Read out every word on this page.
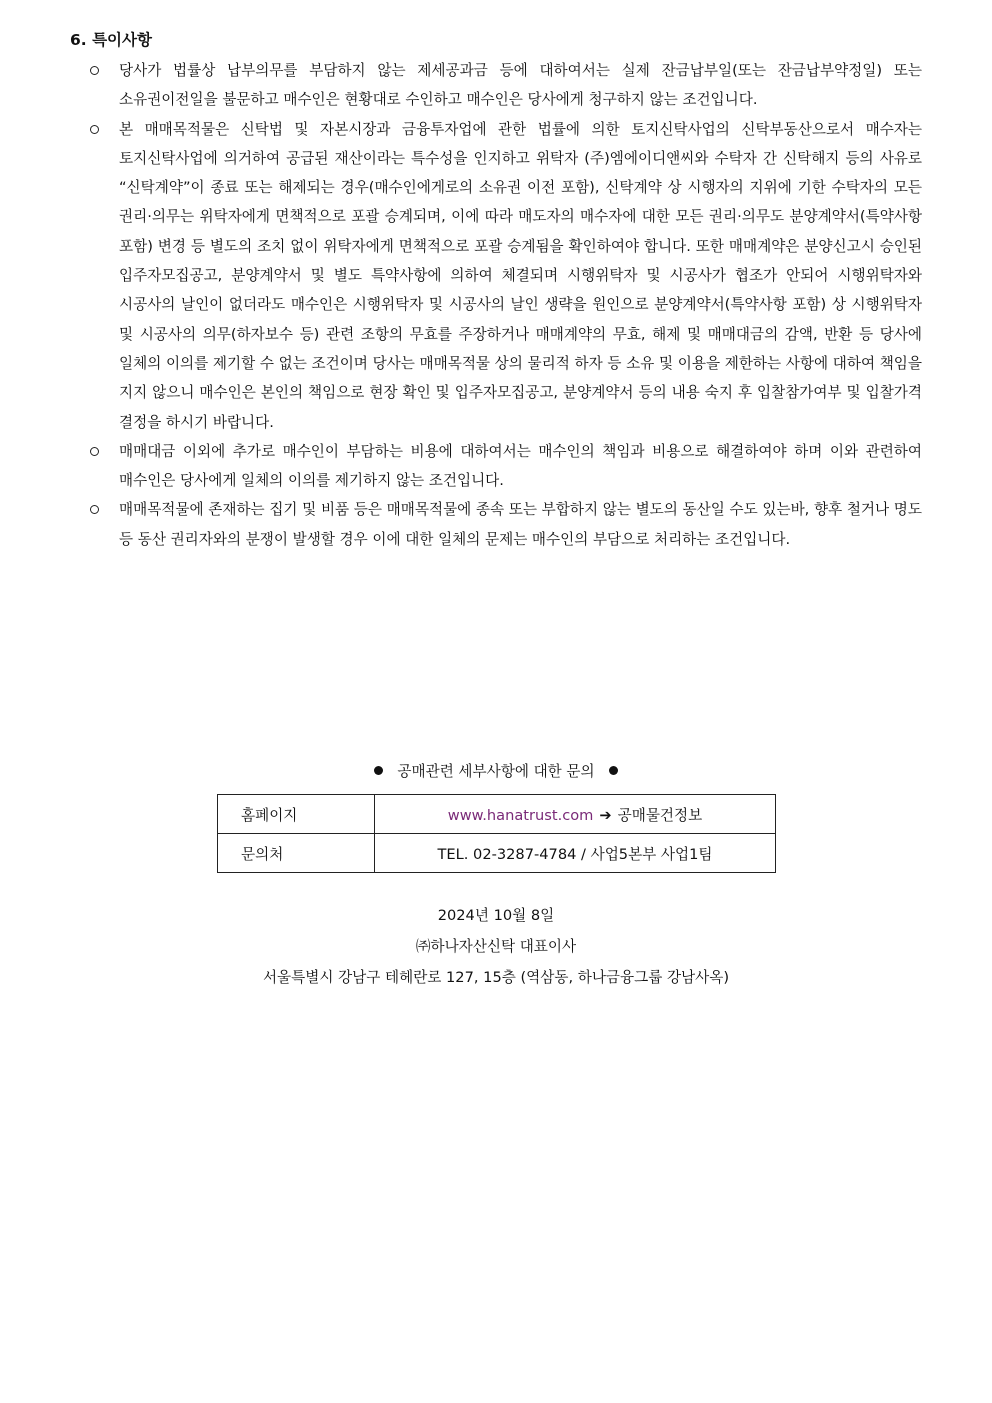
6. 특이사항
당사가 법률상 납부의무를 부담하지 않는 제세공과금 등에 대하여서는 실제 잔금납부일(또는 잔금납부약정일) 또는 소유권이전일을 불문하고 매수인은 현황대로 수인하고 매수인은 당사에게 청구하지 않는 조건입니다.
본 매매목적물은 신탁법 및 자본시장과 금융투자업에 관한 법률에 의한 토지신탁사업의 신탁부동산으로서 매수자는 토지신탁사업에 의거하여 공급된 재산이라는 특수성을 인지하고 위탁자 (주)엠에이디앤씨와 수탁자 간 신탁해지 등의 사유로 “신탁계약”이 종료 또는 해제되는 경우(매수인에게로의 소유권 이전 포함), 신탁계약 상 시행자의 지위에 기한 수탁자의 모든 권리·의무는 위탁자에게 면책적으로 포괄 승계되며, 이에 따라 매도자의 매수자에 대한 모든 권리·의무도 분양계약서(특약사항 포함) 변경 등 별도의 조치 없이 위탁자에게 면책적으로 포괄 승계됨을 확인하여야 합니다. 또한 매매계약은 분양신고시 승인된 입주자모집공고, 분양계약서 및 별도 특약사항에 의하여 체결되며 시행위탁자 및 시공사가 협조가 안되어 시행위탁자와 시공사의 날인이 없더라도 매수인은 시행위탁자 및 시공사의 날인 생략을 원인으로 분양계약서(특약사항 포함) 상 시행위탁자 및 시공사의 의무(하자보수 등) 관련 조항의 무효를 주장하거나 매매계약의 무효, 해제 및 매매대금의 감액, 반환 등 당사에 일체의 이의를 제기할 수 없는 조건이며 당사는 매매목적물 상의 물리적 하자 등 소유 및 이용을 제한하는 사항에 대하여 책임을 지지 않으니 매수인은 본인의 책임으로 현장 확인 및 입주자모집공고, 분양계약서 등의 내용 숙지 후 입찰참가여부 및 입찰가격 결정을 하시기 바랍니다.
매매대금 이외에 추가로 매수인이 부담하는 비용에 대하여서는 매수인의 책임과 비용으로 해결하여야 하며 이와 관련하여 매수인은 당사에게 일체의 이의를 제기하지 않는 조건입니다.
매매목적물에 존재하는 집기 및 비품 등은 매매목적물에 종속 또는 부합하지 않는 별도의 동산일 수도 있는바, 향후 철거나 명도 등 동산 권리자와의 분쟁이 발생할 경우 이에 대한 일체의 문제는 매수인의 부담으로 처리하는 조건입니다.
공매관련 세부사항에 대한 문의
홈페이지	www.hanatrust.com ➔ 공매물건정보
문의처	TEL. 02-3287-4784 / 사업5본부 사업1팀
2024년 10월 8일
㈜하나자산신탁 대표이사
서울특별시 강남구 테헤란로 127, 15층 (역삼동, 하나금융그룹 강남사옥)
